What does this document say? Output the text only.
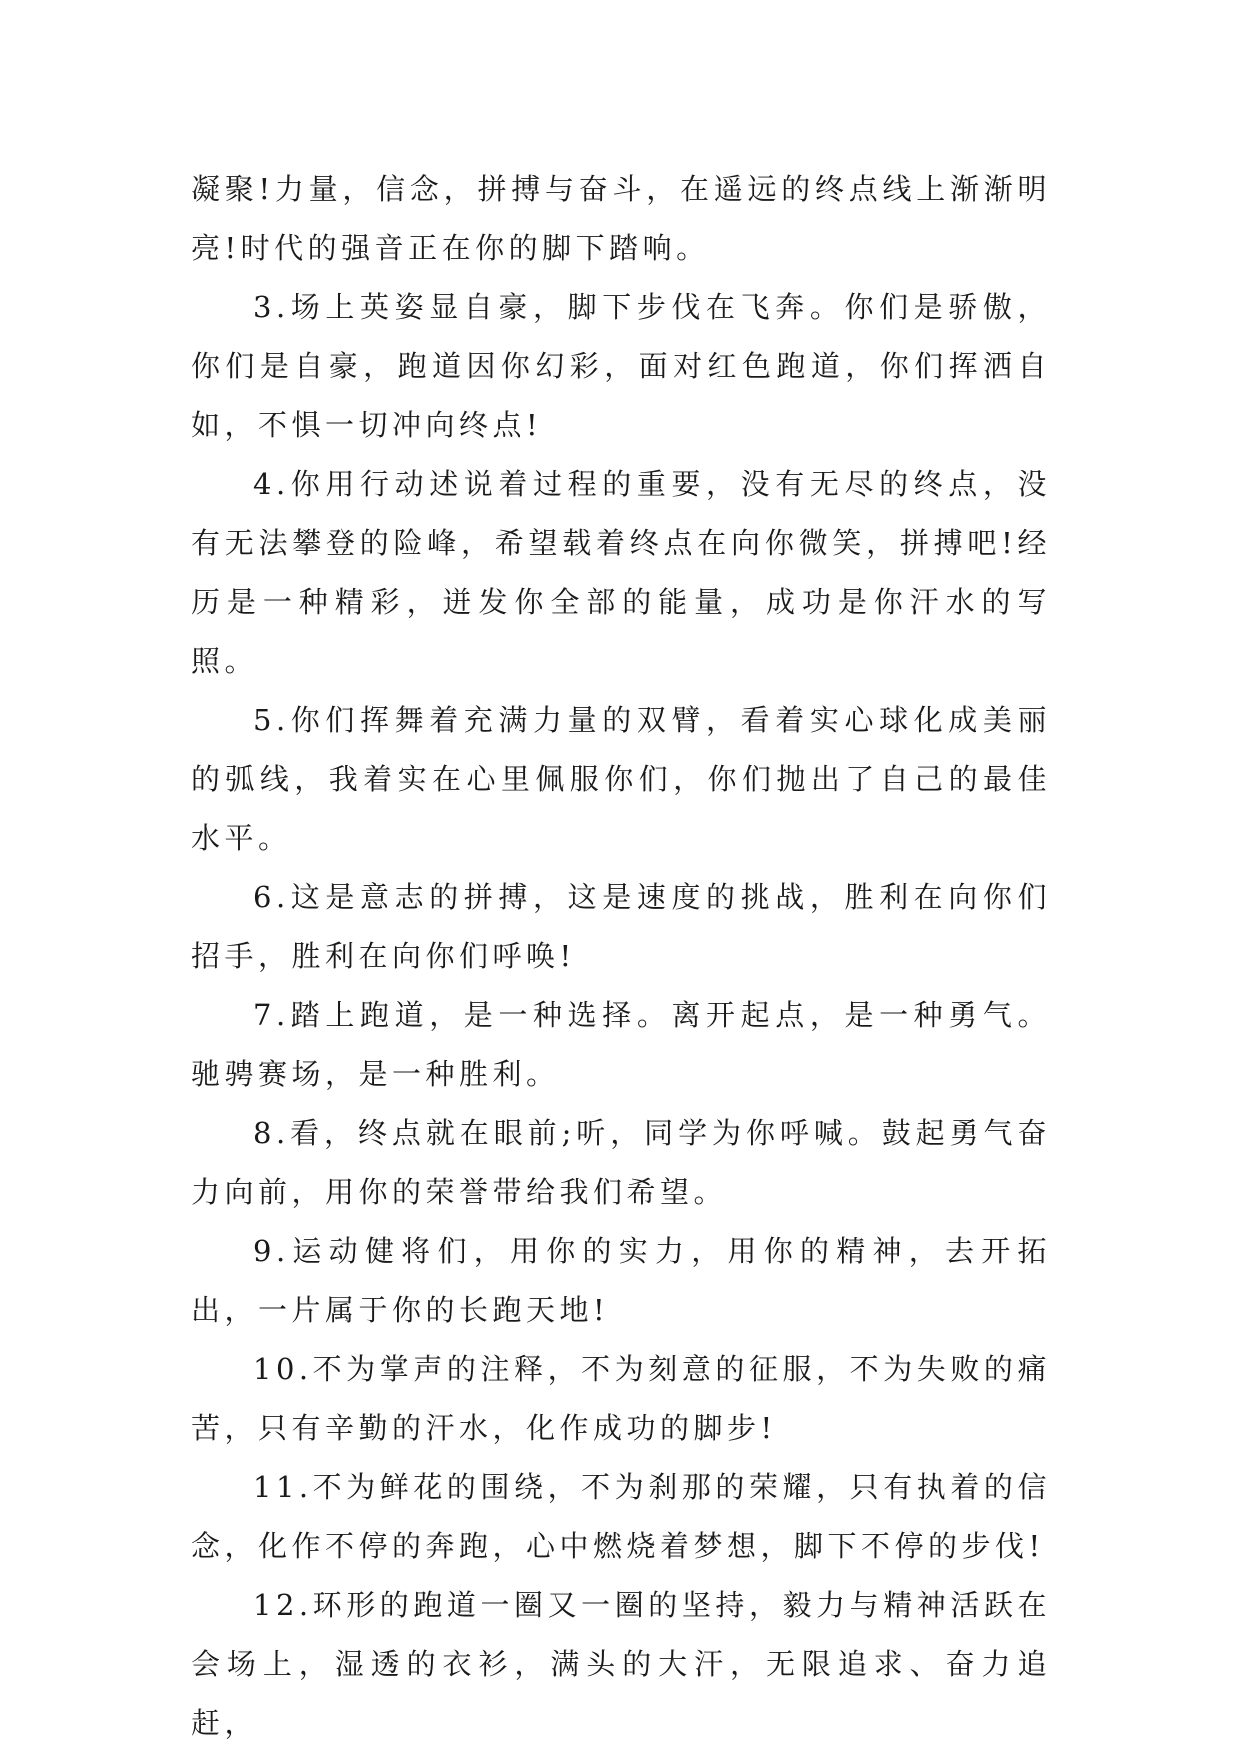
凝聚!力量，信念，拼搏与奋斗，在遥远的终点线上渐渐明亮!时代的强音正在你的脚下踏响。

3.场上英姿显自豪，脚下步伐在飞奔。你们是骄傲，你们是自豪，跑道因你幻彩，面对红色跑道，你们挥洒自如，不惧一切冲向终点!

4.你用行动述说着过程的重要，没有无尽的终点，没有无法攀登的险峰，希望载着终点在向你微笑，拼搏吧!经历是一种精彩，迸发你全部的能量，成功是你汗水的写照。

5.你们挥舞着充满力量的双臂，看着实心球化成美丽的弧线，我着实在心里佩服你们，你们抛出了自己的最佳水平。

6.这是意志的拼搏，这是速度的挑战，胜利在向你们招手，胜利在向你们呼唤!

7.踏上跑道，是一种选择。离开起点，是一种勇气。驰骋赛场，是一种胜利。

8.看，终点就在眼前;听，同学为你呼喊。鼓起勇气奋力向前，用你的荣誉带给我们希望。

9.运动健将们，用你的实力，用你的精神，去开拓出，一片属于你的长跑天地!

10.不为掌声的注释，不为刻意的征服，不为失败的痛苦，只有辛勤的汗水，化作成功的脚步!

11.不为鲜花的围绕，不为刹那的荣耀，只有执着的信念，化作不停的奔跑，心中燃烧着梦想，脚下不停的步伐!

12.环形的跑道一圈又一圈的坚持，毅力与精神活跃在会场上，湿透的衣衫，满头的大汗，无限追求、奋力追赶，
